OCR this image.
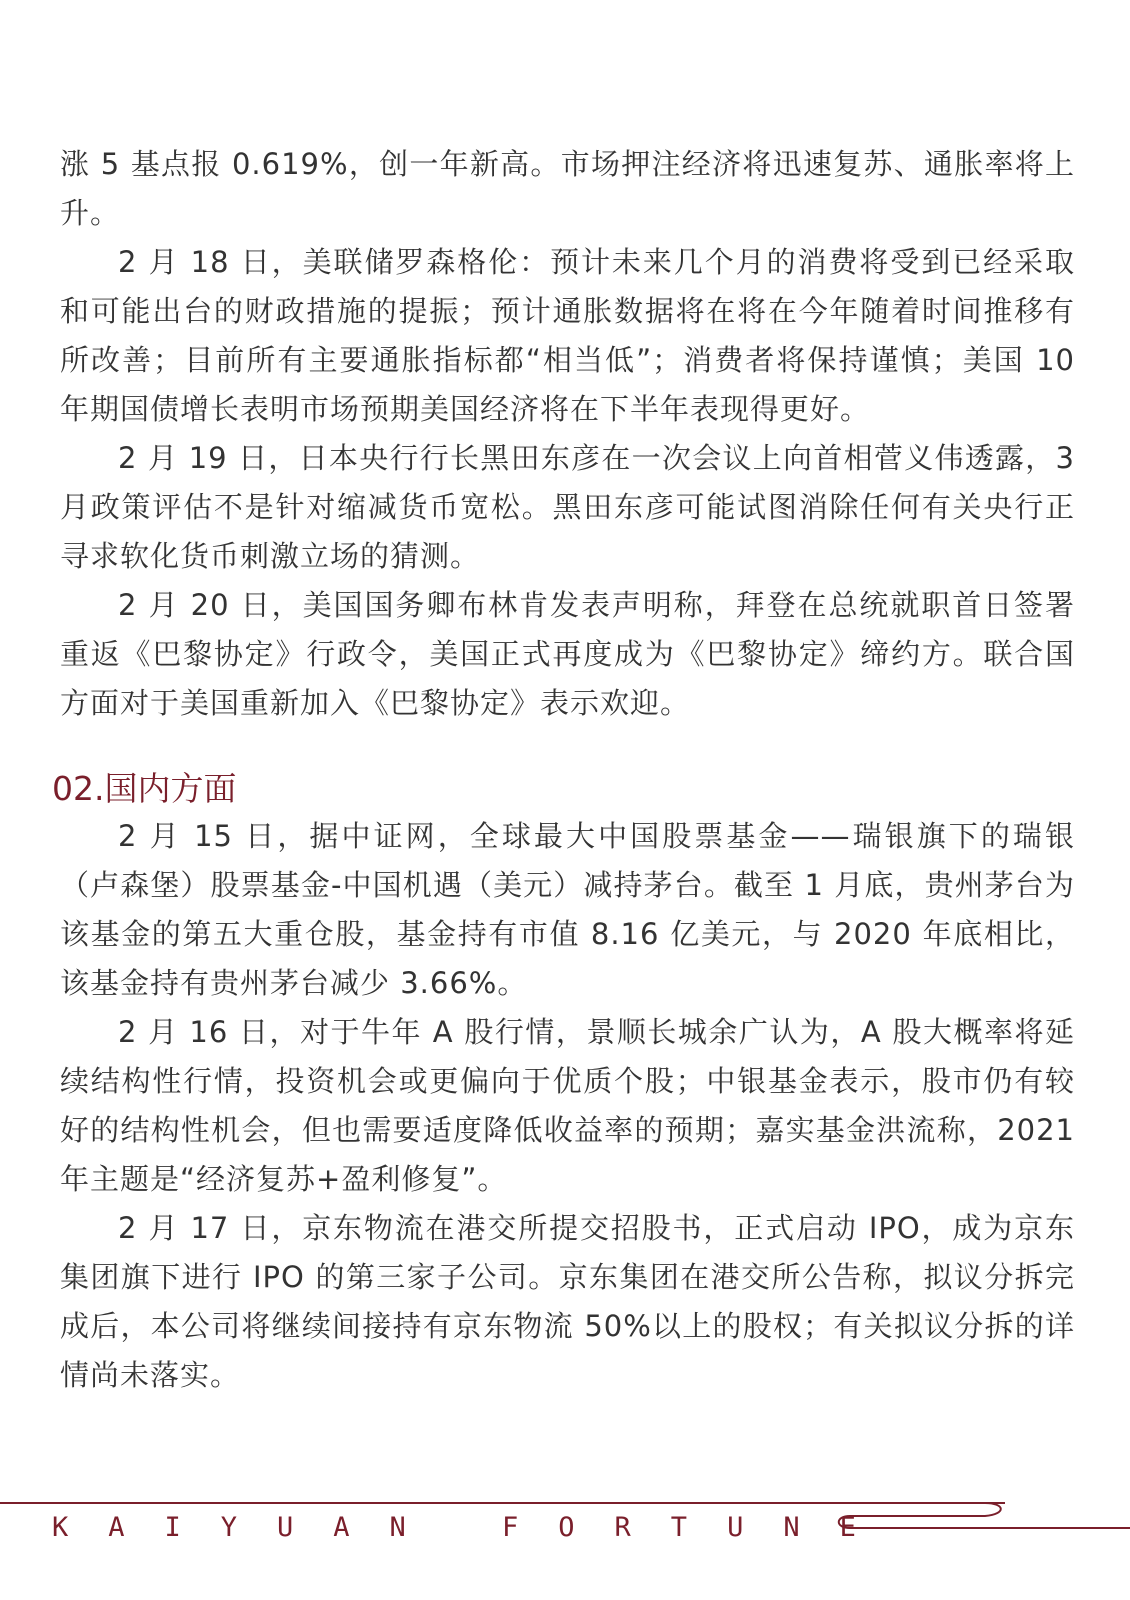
涨 5 基点报 0.619%，创一年新高。市场押注经济将迅速复苏、通胀率将上升。

2 月 18 日，美联储罗森格伦：预计未来几个月的消费将受到已经采取和可能出台的财政措施的提振；预计通胀数据将在将在今年随着时间推移有所改善；目前所有主要通胀指标都“相当低”；消费者将保持谨慎；美国 10 年期国债增长表明市场预期美国经济将在下半年表现得更好。

2 月 19 日，日本央行行长黑田东彦在一次会议上向首相菅义伟透露，3 月政策评估不是针对缩减货币宽松。黑田东彦可能试图消除任何有关央行正寻求软化货币刺激立场的猜测。

2 月 20 日，美国国务卿布林肯发表声明称，拜登在总统就职首日签署重返《巴黎协定》行政令，美国正式再度成为《巴黎协定》缔约方。联合国方面对于美国重新加入《巴黎协定》表示欢迎。

02.国内方面

2 月 15 日，据中证网，全球最大中国股票基金——瑞银旗下的瑞银（卢森堡）股票基金-中国机遇（美元）减持茅台。截至 1 月底，贵州茅台为该基金的第五大重仓股，基金持有市值 8.16 亿美元，与 2020 年底相比，该基金持有贵州茅台减少 3.66%。

2 月 16 日，对于牛年 A 股行情，景顺长城余广认为，A 股大概率将延续结构性行情，投资机会或更偏向于优质个股；中银基金表示，股市仍有较好的结构性机会，但也需要适度降低收益率的预期；嘉实基金洪流称，2021 年主题是“经济复苏+盈利修复”。

2 月 17 日，京东物流在港交所提交招股书，正式启动 IPO，成为京东集团旗下进行 IPO 的第三家子公司。京东集团在港交所公告称，拟议分拆完成后，本公司将继续间接持有京东物流 50%以上的股权；有关拟议分拆的详情尚未落实。

KAIYUAN FORTUNE
